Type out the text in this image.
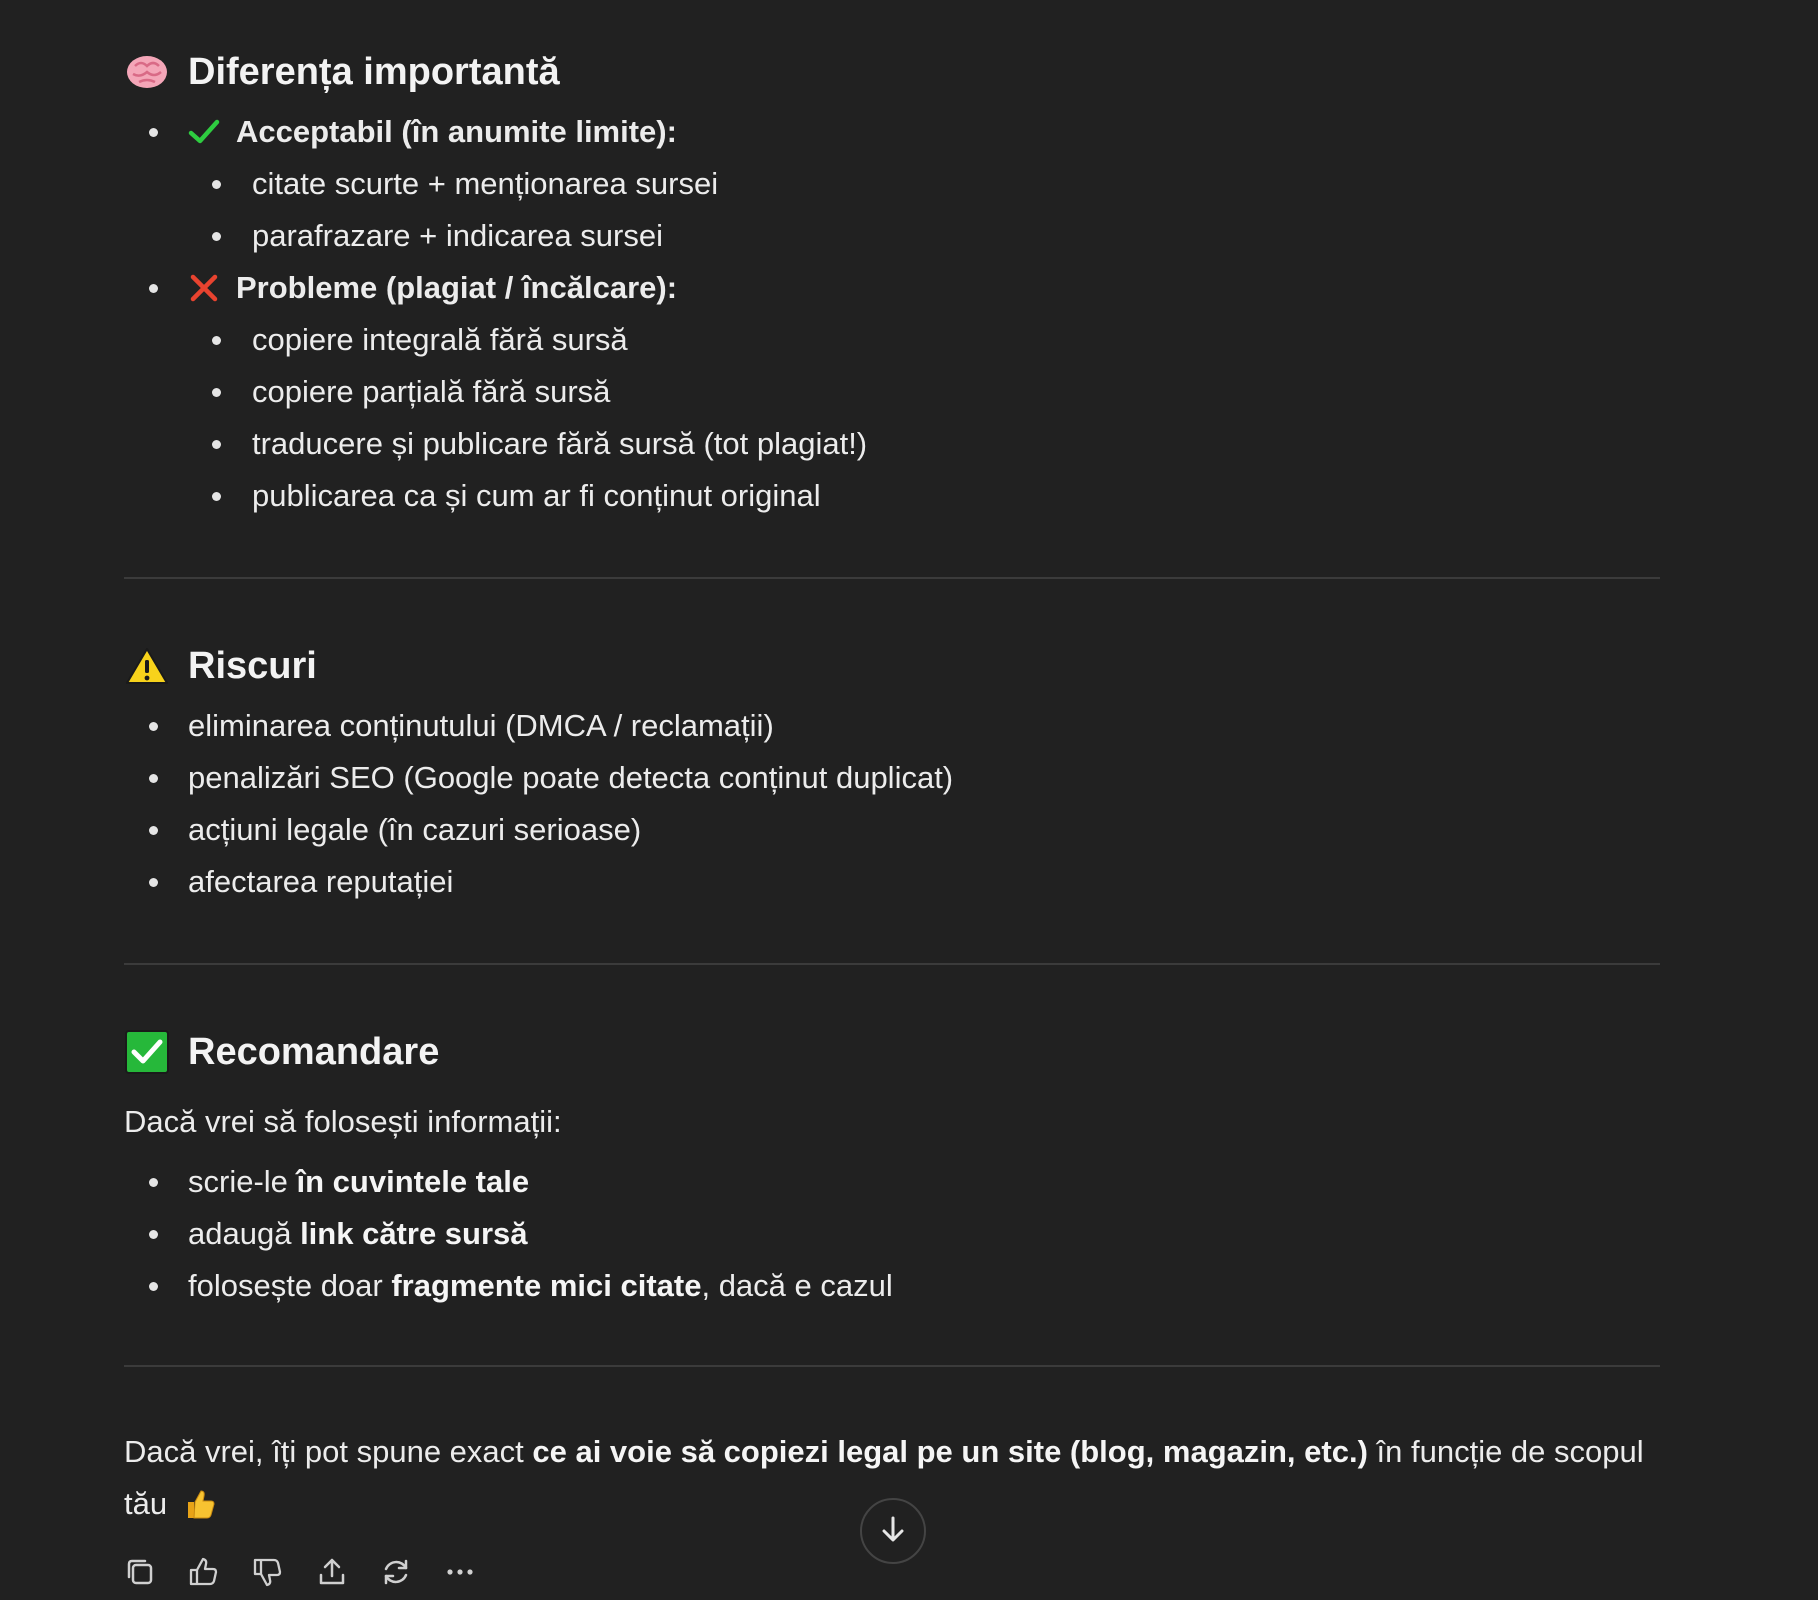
Diferența importantă
Acceptabil (în anumite limite):
citate scurte + menționarea sursei
parafrazare + indicarea sursei
Probleme (plagiat / încălcare):
copiere integrală fără sursă
copiere parțială fără sursă
traducere și publicare fără sursă (tot plagiat!)
publicarea ca și cum ar fi conținut original
Riscuri
eliminarea conținutului (DMCA / reclamații)
penalizări SEO (Google poate detecta conținut duplicat)
acțiuni legale (în cazuri serioase)
afectarea reputației
Recomandare

Dacă vrei să folosești informații:

scrie-le în cuvintele tale
adaugă link către sursă
folosește doar fragmente mici citate, dacă e cazul

Dacă vrei, îți pot spune exact ce ai voie să copiezi legal pe un site (blog, magazin, etc.) în funcție de scopul tău
